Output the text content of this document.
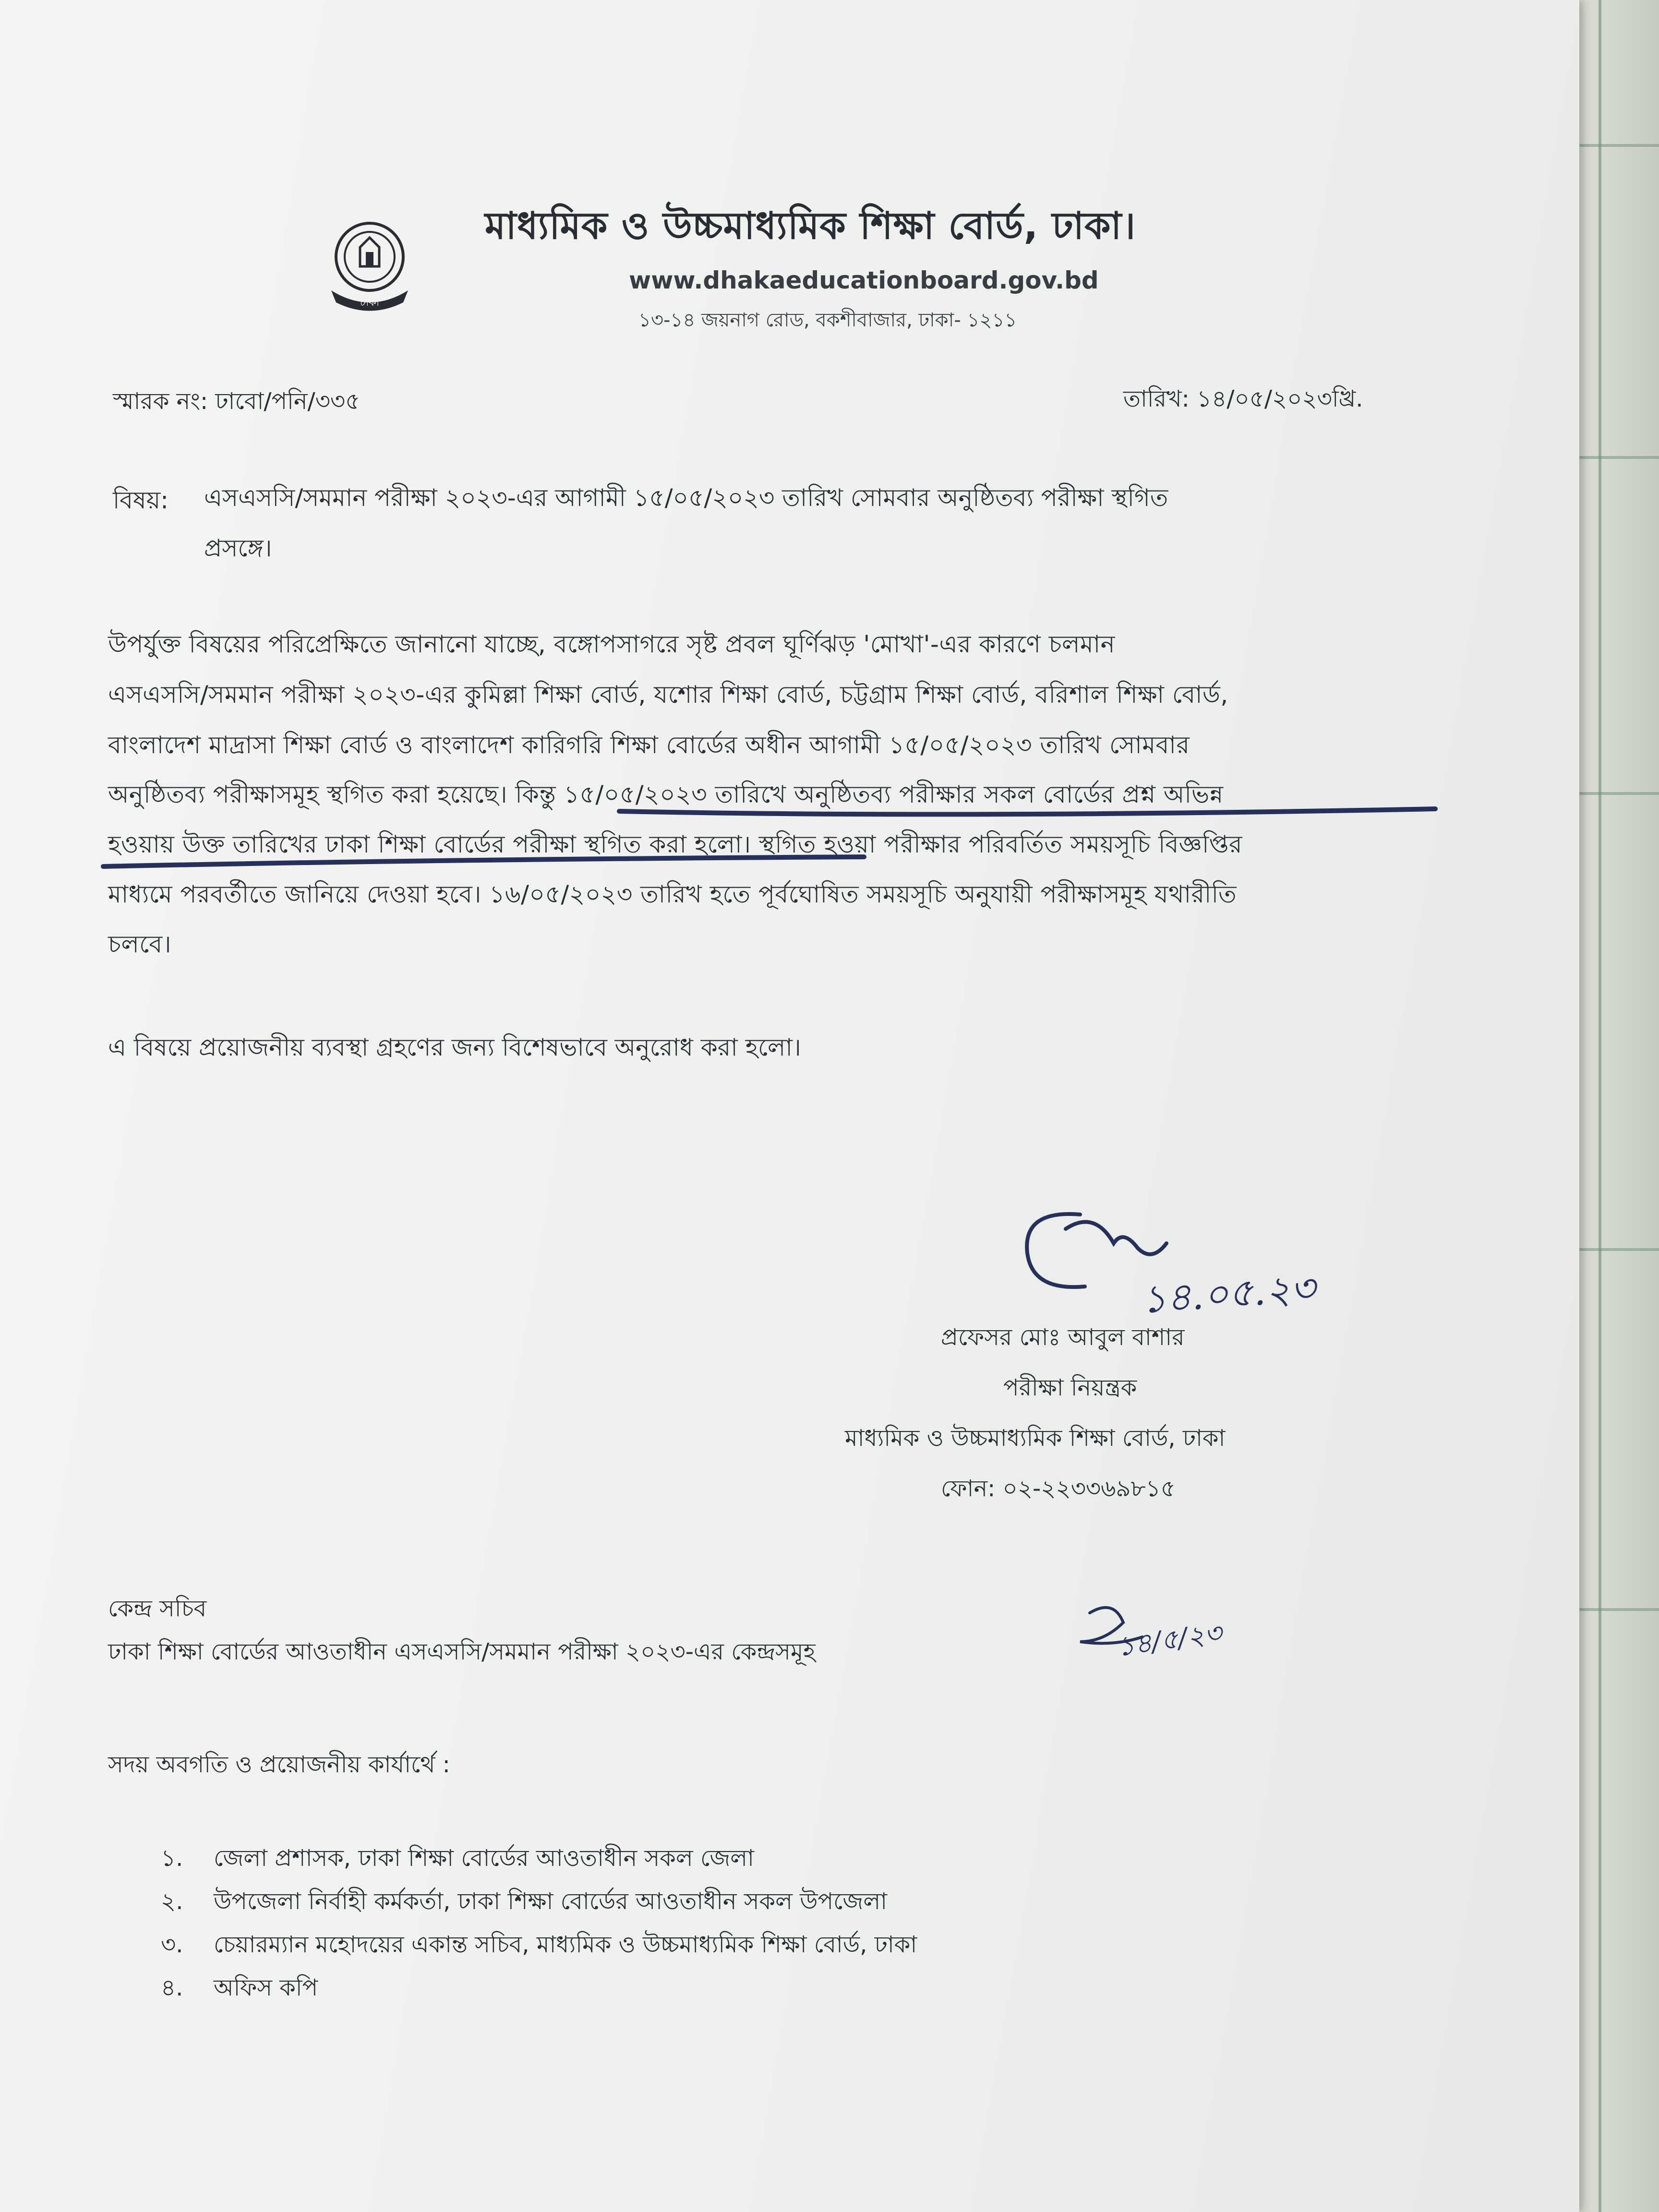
ঢাকা
মাধ্যমিক ও উচ্চমাধ্যমিক শিক্ষা বোর্ড, ঢাকা।
www.dhakaeducationboard.gov.bd
১৩-১৪ জয়নাগ রোড, বকশীবাজার, ঢাকা- ১২১১
স্মারক নং: ঢাবো/পনি/৩৩৫	তারিখ: ১৪/০৫/২০২৩খ্রি.
বিষয়: এসএসসি/সমমান পরীক্ষা ২০২৩-এর আগামী ১৫/০৫/২০২৩ তারিখ সোমবার অনুষ্ঠিতব্য পরীক্ষা স্থগিত
প্রসঙ্গে।
উপর্যুক্ত বিষয়ের পরিপ্রেক্ষিতে জানানো যাচ্ছে, বঙ্গোপসাগরে সৃষ্ট প্রবল ঘূর্ণিঝড় 'মোখা'-এর কারণে চলমান
এসএসসি/সমমান পরীক্ষা ২০২৩-এর কুমিল্লা শিক্ষা বোর্ড, যশোর শিক্ষা বোর্ড, চট্টগ্রাম শিক্ষা বোর্ড, বরিশাল শিক্ষা বোর্ড,
বাংলাদেশ মাদ্রাসা শিক্ষা বোর্ড ও বাংলাদেশ কারিগরি শিক্ষা বোর্ডের অধীন আগামী ১৫/০৫/২০২৩ তারিখ সোমবার
অনুষ্ঠিতব্য পরীক্ষাসমূহ স্থগিত করা হয়েছে। কিন্তু ১৫/০৫/২০২৩ তারিখে অনুষ্ঠিতব্য পরীক্ষার সকল বোর্ডের প্রশ্ন অভিন্ন
হওয়ায় উক্ত তারিখের ঢাকা শিক্ষা বোর্ডের পরীক্ষা স্থগিত করা হলো। স্থগিত হওয়া পরীক্ষার পরিবর্তিত সময়সূচি বিজ্ঞপ্তির
মাধ্যমে পরবর্তীতে জানিয়ে দেওয়া হবে। ১৬/০৫/২০২৩ তারিখ হতে পূর্বঘোষিত সময়সূচি অনুযায়ী পরীক্ষাসমূহ যথারীতি
চলবে।
এ বিষয়ে প্রয়োজনীয় ব্যবস্থা গ্রহণের জন্য বিশেষভাবে অনুরোধ করা হলো।
১৪.০৫.২৩
১৪/৫/২৩
প্রফেসর মোঃ আবুল বাশার
পরীক্ষা নিয়ন্ত্রক
মাধ্যমিক ও উচ্চমাধ্যমিক শিক্ষা বোর্ড, ঢাকা
ফোন: ০২-২২৩৩৬৯৮১৫
কেন্দ্র সচিব
ঢাকা শিক্ষা বোর্ডের আওতাধীন এসএসসি/সমমান পরীক্ষা ২০২৩-এর কেন্দ্রসমূহ
সদয় অবগতি ও প্রয়োজনীয় কার্যার্থে :
১. জেলা প্রশাসক, ঢাকা শিক্ষা বোর্ডের আওতাধীন সকল জেলা
২. উপজেলা নির্বাহী কর্মকর্তা, ঢাকা শিক্ষা বোর্ডের আওতাধীন সকল উপজেলা
৩. চেয়ারম্যান মহোদয়ের একান্ত সচিব, মাধ্যমিক ও উচ্চমাধ্যমিক শিক্ষা বোর্ড, ঢাকা
৪. অফিস কপি
